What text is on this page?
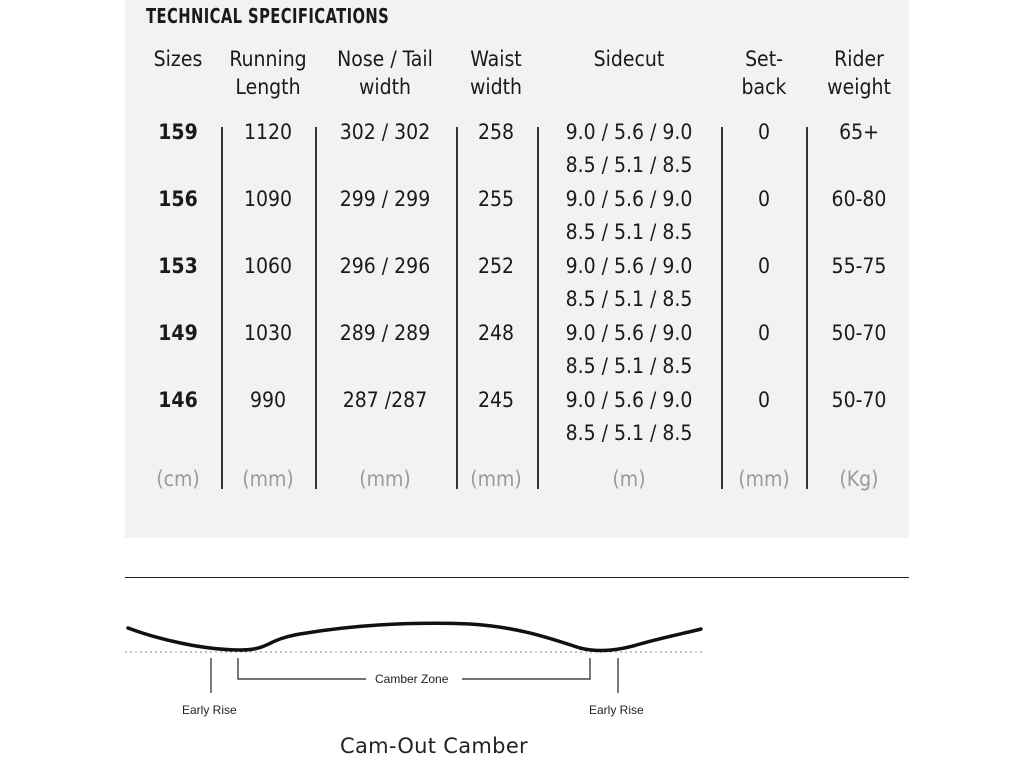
TECHNICAL SPECIFICATIONS
Sizes
159
156
153
149
146
(cm)
Running
Length
1120
1090
1060
1030
990
(mm)
Nose / Tail
width
302 / 302
299 / 299
296 / 296
289 / 289
287 /287
(mm)
Waist
width
258
255
252
248
245
(mm)
Sidecut
9.0 / 5.6 / 9.0
8.5 / 5.1 / 8.5
9.0 / 5.6 / 9.0
8.5 / 5.1 / 8.5
9.0 / 5.6 / 9.0
8.5 / 5.1 / 8.5
9.0 / 5.6 / 9.0
8.5 / 5.1 / 8.5
9.0 / 5.6 / 9.0
8.5 / 5.1 / 8.5
(m)
Set-
back
0
0
0
0
0
(mm)
Rider
weight
65+
60-80
55-75
50-70
50-70
(Kg)
Camber Zone
Early Rise	Early Rise
Cam-Out Camber
